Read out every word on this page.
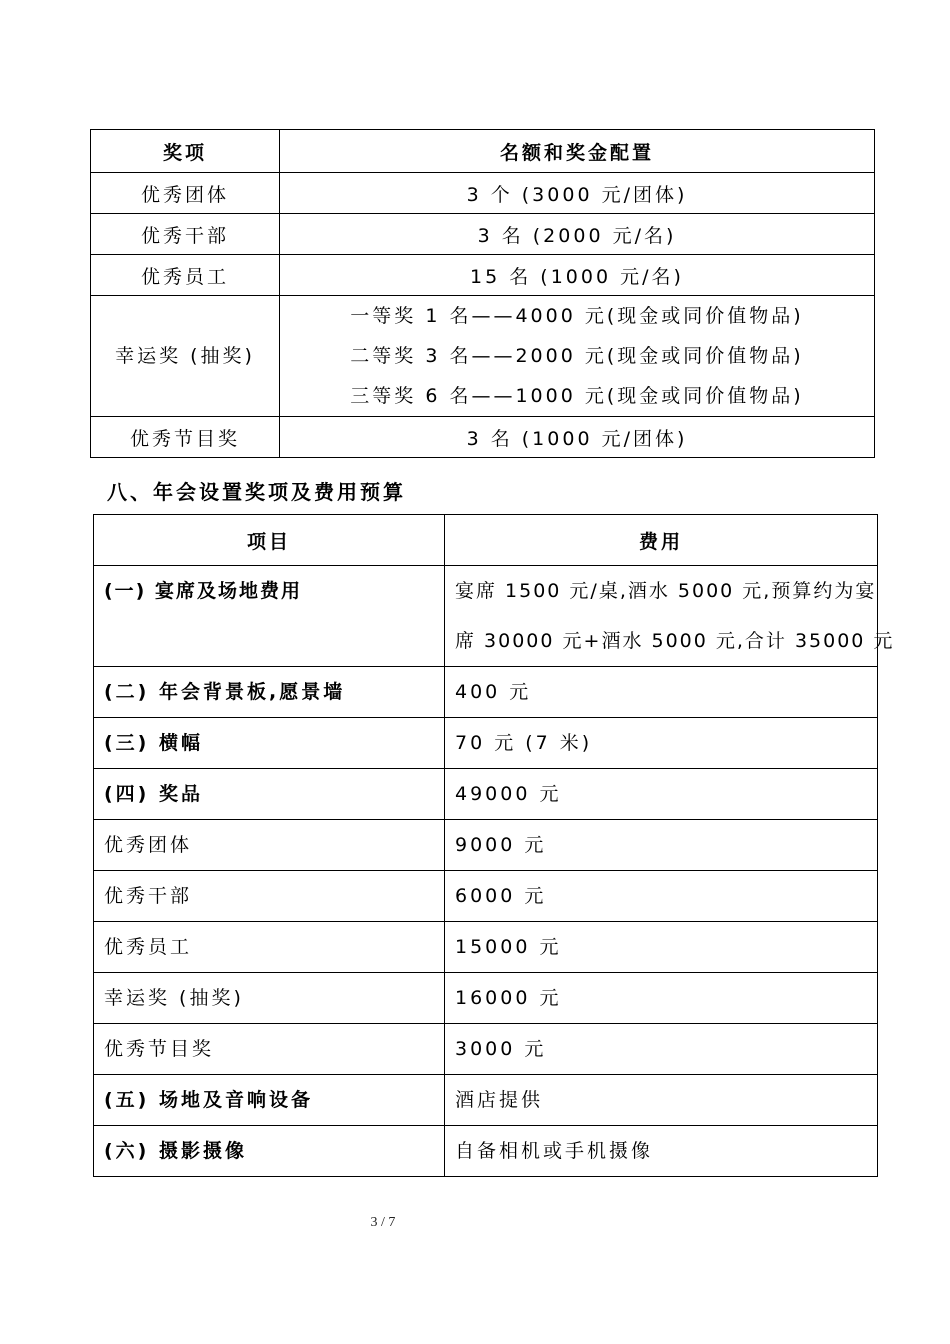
奖项	名额和奖金配置
优秀团体	3 个 (3000 元/团体)
优秀干部	3 名 (2000 元/名)
优秀员工	15 名 (1000 元/名)
幸运奖 (抽奖)	一等奖 1 名——4000 元(现金或同价值物品)
二等奖 3 名——2000 元(现金或同价值物品)
三等奖 6 名——1000 元(现金或同价值物品)

优秀节目奖	3 名 (1000 元/团体)
八、年会设置奖项及费用预算
项目	费用
(一) 宴席及场地费用	宴席 1500 元/桌,酒水 5000 元,预算约为宴
席 30000 元+酒水 5000 元,合计 35000 元

(二) 年会背景板,愿景墙	400 元
(三) 横幅	70 元 (7 米)
(四) 奖品	49000 元
优秀团体	9000 元
优秀干部	6000 元
优秀员工	15000 元
幸运奖 (抽奖)	16000 元
优秀节目奖	3000 元
(五) 场地及音响设备	酒店提供
(六) 摄影摄像	自备相机或手机摄像
3 / 7
